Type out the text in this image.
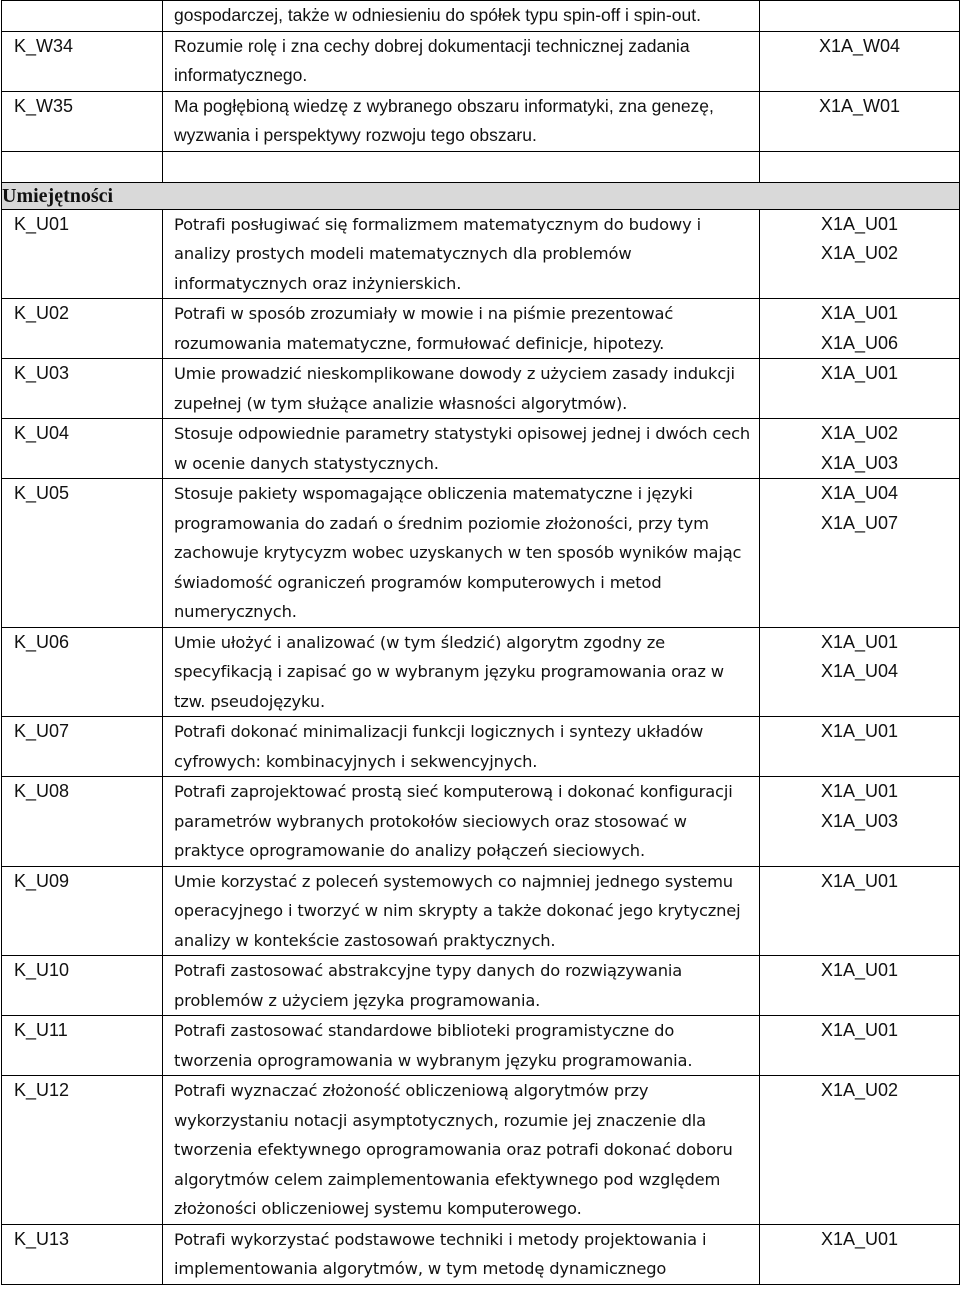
	gospodarczej, także w odniesieniu do spółek typu spin-off i spin-out.	
K_W34	Rozumie rolę i zna cechy dobrej dokumentacji technicznej zadania informatycznego.	X1A_W04

K_W35	Ma pogłębioną wiedzę z wybranego obszaru informatyki, zna genezę, wyzwania i perspektywy rozwoju tego obszaru.	X1A_W01

Umiejętności		
K_U01	Potrafi posługiwać się formalizmem matematycznym do budowy i analizy prostych modeli matematycznych dla problemów informatycznych oraz inżynierskich.	X1A_U01
X1A_U02

K_U02	Potrafi w sposób zrozumiały w mowie i na piśmie prezentować rozumowania matematyczne, formułować definicje, hipotezy.	X1A_U01
X1A_U06

K_U03	Umie prowadzić nieskomplikowane dowody z użyciem zasady indukcji zupełnej (w tym służące analizie własności algorytmów).	X1A_U01

K_U04	Stosuje odpowiednie parametry statystyki opisowej jednej i dwóch cech w ocenie danych statystycznych.	X1A_U02
X1A_U03

K_U05	Stosuje pakiety wspomagające obliczenia matematyczne i języki programowania do zadań o średnim poziomie złożoności, przy tym zachowuje krytycyzm wobec uzyskanych w ten sposób wyników mając świadomość ograniczeń programów komputerowych i metod numerycznych.	X1A_U04
X1A_U07

K_U06	Umie ułożyć i analizować (w tym śledzić) algorytm zgodny ze specyfikacją i zapisać go w wybranym języku programowania oraz w tzw. pseudojęzyku.	X1A_U01
X1A_U04

K_U07	Potrafi dokonać minimalizacji funkcji logicznych i syntezy układów cyfrowych: kombinacyjnych i sekwencyjnych.	X1A_U01

K_U08	Potrafi zaprojektować prostą sieć komputerową i dokonać konfiguracji parametrów wybranych protokołów sieciowych oraz stosować w praktyce oprogramowanie do analizy połączeń sieciowych.	X1A_U01
X1A_U03

K_U09	Umie korzystać z poleceń systemowych co najmniej jednego systemu operacyjnego i tworzyć w nim skrypty a także dokonać jego krytycznej analizy w kontekście zastosowań praktycznych.	X1A_U01

K_U10	Potrafi zastosować abstrakcyjne typy danych do rozwiązywania problemów z użyciem języka programowania.	X1A_U01

K_U11	Potrafi zastosować standardowe biblioteki programistyczne do tworzenia oprogramowania w wybranym języku programowania.	X1A_U01

K_U12	Potrafi wyznaczać złożoność obliczeniową algorytmów przy wykorzystaniu notacji asymptotycznych, rozumie jej znaczenie dla tworzenia efektywnego oprogramowania oraz potrafi dokonać doboru algorytmów celem zaimplementowania efektywnego pod względem złożoności obliczeniowej systemu komputerowego.	X1A_U02

K_U13	Potrafi wykorzystać podstawowe techniki i metody projektowania i implementowania algorytmów, w tym metodę dynamicznego	X1A_U01
